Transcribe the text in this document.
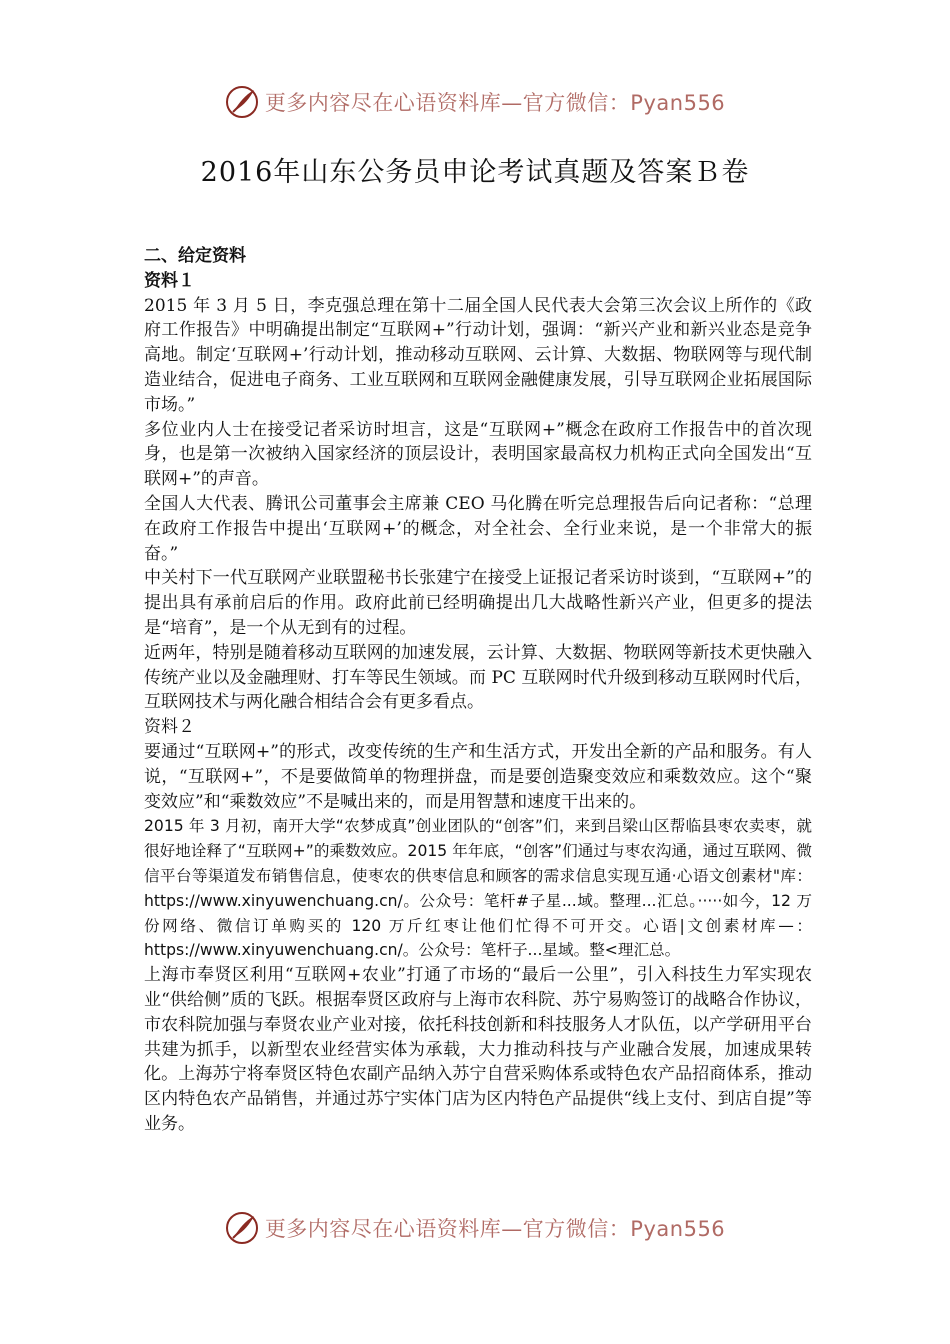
更多内容尽在心语资料库—官方微信：Pyan556
2016年山东公务员申论考试真题及答案Ｂ卷

二、给定资料

资料１

2015 年 3 月 5 日，李克强总理在第十二届全国人民代表大会第三次会议上所作的《政府工作报告》中明确提出制定“互联网+”行动计划，强调：“新兴产业和新兴业态是竞争高地。制定‘互联网+’行动计划，推动移动互联网、云计算、大数据、物联网等与现代制造业结合，促进电子商务、工业互联网和互联网金融健康发展，引导互联网企业拓展国际市场。”

多位业内人士在接受记者采访时坦言，这是“互联网+”概念在政府工作报告中的首次现身，也是第一次被纳入国家经济的顶层设计，表明国家最高权力机构正式向全国发出“互联网+”的声音。

全国人大代表、腾讯公司董事会主席兼 CEO 马化腾在听完总理报告后向记者称：“总理在政府工作报告中提出‘互联网+’的概念，对全社会、全行业来说，是一个非常大的振奋。”

中关村下一代互联网产业联盟秘书长张建宁在接受上证报记者采访时谈到，“互联网+”的提出具有承前启后的作用。政府此前已经明确提出几大战略性新兴产业，但更多的提法是“培育”，是一个从无到有的过程。

近两年，特别是随着移动互联网的加速发展，云计算、大数据、物联网等新技术更快融入传统产业以及金融理财、打车等民生领域。而 PC 互联网时代升级到移动互联网时代后，互联网技术与两化融合相结合会有更多看点。

资料２

要通过“互联网+”的形式，改变传统的生产和生活方式，开发出全新的产品和服务。有人说，“互联网+”，不是要做简单的物理拼盘，而是要创造聚变效应和乘数效应。这个“聚变效应”和“乘数效应”不是喊出来的，而是用智慧和速度干出来的。

2015 年 3 月初，南开大学“农梦成真”创业团队的“创客”们，来到吕梁山区帮临县枣农卖枣，就很好地诠释了“互联网+”的乘数效应。2015 年年底，“创客”们通过与枣农沟通，通过互联网、微信平台等渠道发布销售信息，使枣农的供枣信息和顾客的需求信息实现互通·心语文创素材"库：https://www.xinyuwenchuang.cn/。公众号：笔杆#子星...域。整理...汇总。·····如今，12 万份网络、微信订单购买的 120 万斤红枣让他们忙得不可开交。心语|文创素材库—：https://www.xinyuwenchuang.cn/。公众号：笔杆子...星域。整<理汇总。

上海市奉贤区利用“互联网+农业”打通了市场的“最后一公里”，引入科技生力军实现农业“供给侧”质的飞跃。根据奉贤区政府与上海市农科院、苏宁易购签订的战略合作协议，市农科院加强与奉贤农业产业对接，依托科技创新和科技服务人才队伍，以产学研用平台共建为抓手，以新型农业经营实体为承载，大力推动科技与产业融合发展，加速成果转化。上海苏宁将奉贤区特色农副产品纳入苏宁自营采购体系或特色农产品招商体系，推动区内特色农产品销售，并通过苏宁实体门店为区内特色产品提供“线上支付、到店自提”等业务。

更多内容尽在心语资料库—官方微信：Pyan556
